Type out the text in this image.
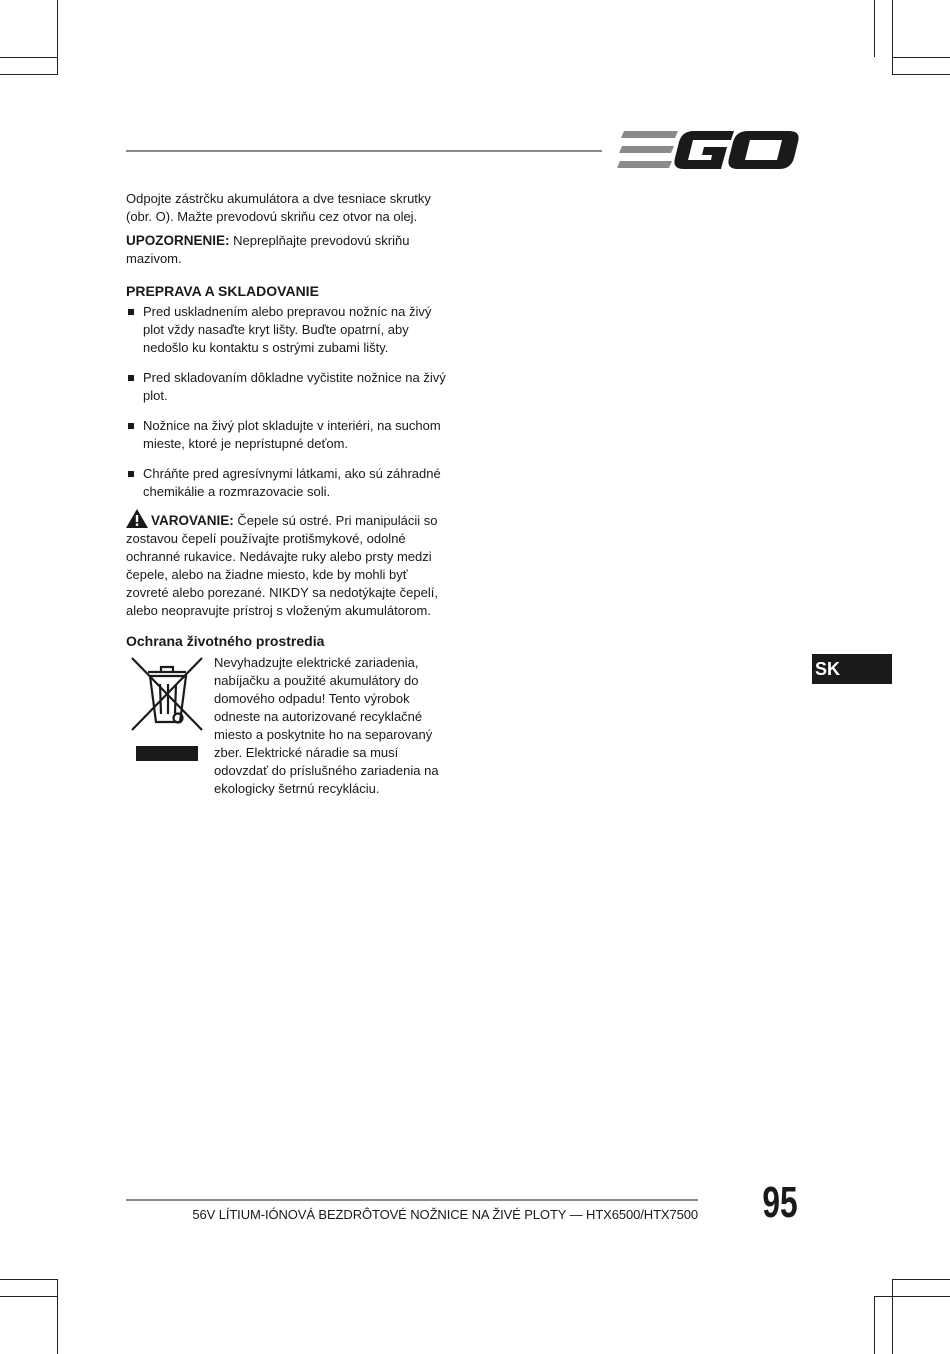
Odpojte zástrčku akumulátora a dve tesniace skrutky (obr. O). Mažte prevodovú skriňu cez otvor na olej.

UPOZORNENIE: Nepreplňajte prevodovú skriňu mazivom.

PREPRAVA A SKLADOVANIE
Pred uskladnením alebo prepravou nožníc na živý plot vždy nasaďte kryt lišty. Buďte opatrní, aby nedošlo ku kontaktu s ostrými zubami lišty.
Pred skladovaním dôkladne vyčistite nožnice na živý plot.
Nožnice na živý plot skladujte v interiéri, na suchom mieste, ktoré je neprístupné deťom.
Chráňte pred agresívnymi látkami, ako sú záhradné chemikálie a rozmrazovacie soli.

VAROVANIE: Čepele sú ostré. Pri manipulácii so zostavou čepelí používajte protišmykové, odolné ochranné rukavice. Nedávajte ruky alebo prsty medzi čepele, alebo na žiadne miesto, kde by mohli byť zovreté alebo porezané. NIKDY sa nedotýkajte čepelí, alebo neopravujte prístroj s vloženým akumulátorom.

Ochrana životného prostredia

Nevyhadzujte elektrické zariadenia, nabíjačku a použité akumulátory do domového odpadu! Tento výrobok odneste na autorizované recyklačné miesto a poskytnite ho na separovaný zber. Elektrické náradie sa musí odovzdať do príslušného zariadenia na ekologicky šetrnú recykláciu.

SK
56V LÍTIUM-IÓNOVÁ BEZDRÔTOVÉ NOŽNICE NA ŽIVÉ PLOTY — HTX6500/HTX7500 95
